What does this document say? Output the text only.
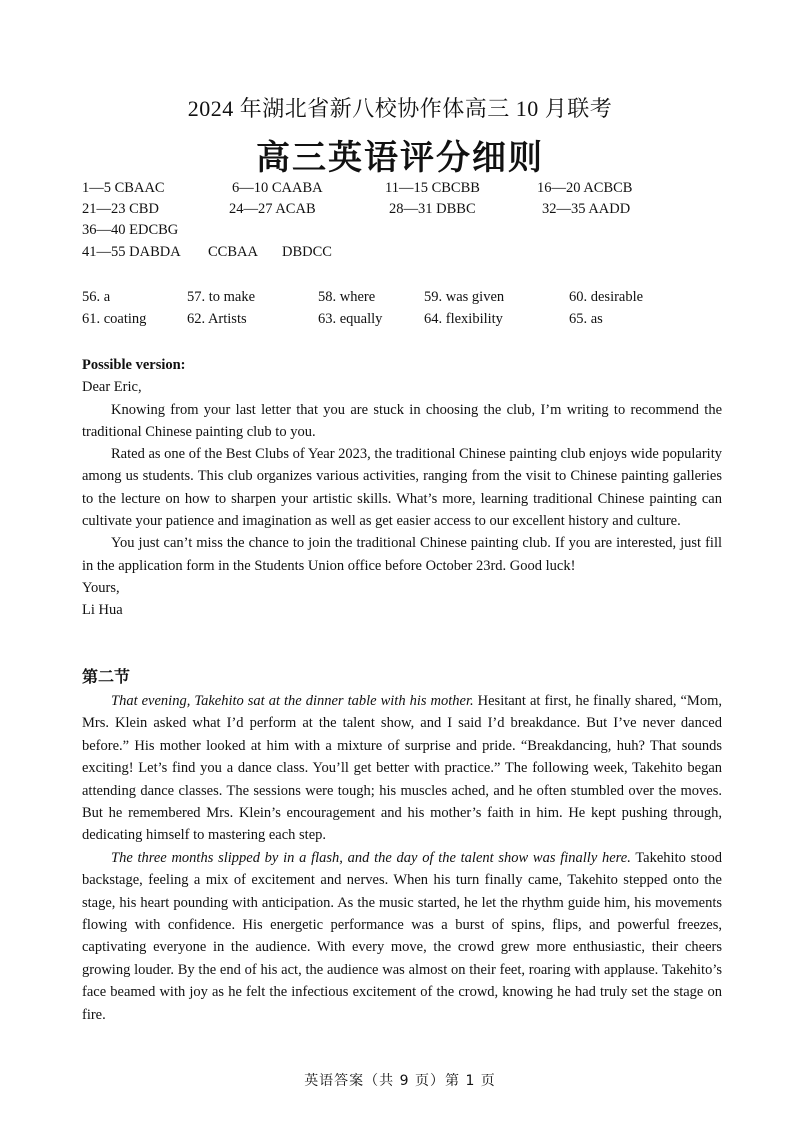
2024 年湖北省新八校协作体高三 10 月联考
高三英语评分细则
1—5 CBAAC	6—10 CAABA	11—15 CBCBB	16—20 ACBCB
21—23 CBD	24—27 ACAB	28—31 DBBC	32—35 AADD
36—40 EDCBG
41—55 DABDA CCBAA DBDCC
56. a	57. to make	58. where	59. was given	60. desirable
61. coating	62. Artists	63. equally	64. flexibility	65. as

Possible version:

Dear Eric,

Knowing from your last letter that you are stuck in choosing the club, I’m writing to recommend the traditional Chinese painting club to you.

Rated as one of the Best Clubs of Year 2023, the traditional Chinese painting club enjoys wide popularity among us students. This club organizes various activities, ranging from the visit to Chinese painting galleries to the lecture on how to sharpen your artistic skills. What’s more, learning traditional Chinese painting can cultivate your patience and imagination as well as get easier access to our excellent history and culture.

You just can’t miss the chance to join the traditional Chinese painting club. If you are interested, just fill in the application form in the Students Union office before October 23rd. Good luck!

Yours,

Li Hua

第二节

That evening, Takehito sat at the dinner table with his mother. Hesitant at first, he finally shared, “Mom, Mrs. Klein asked what I’d perform at the talent show, and I said I’d breakdance. But I’ve never danced before.” His mother looked at him with a mixture of surprise and pride. “Breakdancing, huh? That sounds exciting! Let’s find you a dance class. You’ll get better with practice.” The following week, Takehito began attending dance classes. The sessions were tough; his muscles ached, and he often stumbled over the moves. But he remembered Mrs. Klein’s encouragement and his mother’s faith in him. He kept pushing through, dedicating himself to mastering each step.

The three months slipped by in a flash, and the day of the talent show was finally here. Takehito stood backstage, feeling a mix of excitement and nerves. When his turn finally came, Takehito stepped onto the stage, his heart pounding with anticipation. As the music started, he let the rhythm guide him, his movements flowing with confidence. His energetic performance was a burst of spins, flips, and powerful freezes, captivating everyone in the audience. With every move, the crowd grew more enthusiastic, their cheers growing louder. By the end of his act, the audience was almost on their feet, roaring with applause. Takehito’s face beamed with joy as he felt the infectious excitement of the crowd, knowing he had truly set the stage on fire.

英语答案（共 9 页）第 1 页
